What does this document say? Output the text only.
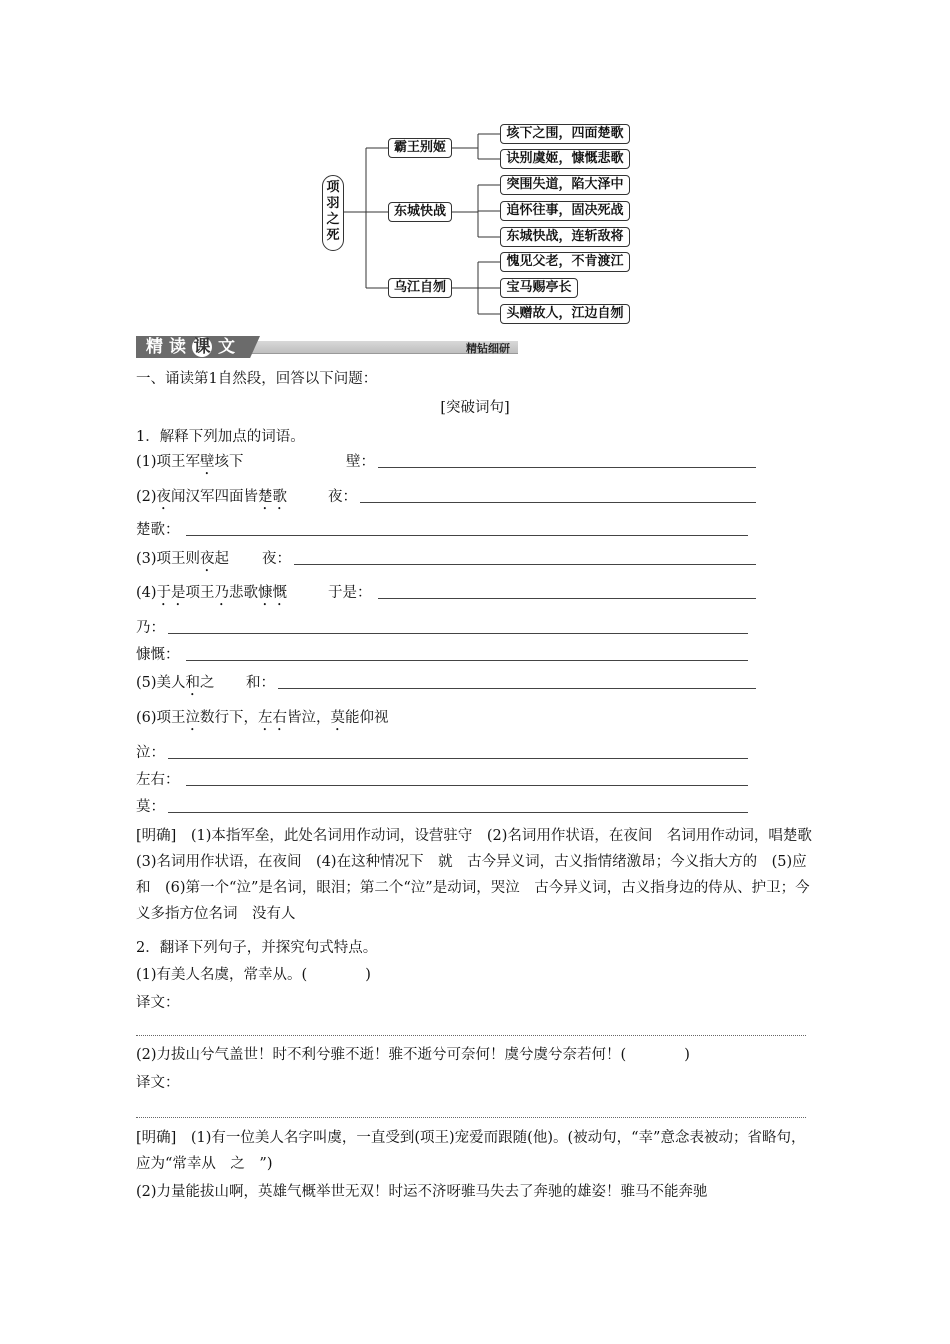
项
羽
之
死
霸王别姬
东城快战
乌江自刎
垓下之围，四面楚歌
诀别虞姬，慷慨悲歌
突围失道，陷大泽中
追怀往事，固决死战
东城快战，连斩敌将
愧见父老，不肯渡江
宝马赐亭长
头赠故人，江边自刎
精读课 文	精钻细研
一、诵读第1自然段，回答以下问题：
[突破词句]
1．解释下列加点的词语。
(1)项王军壁垓下	壁：
(2)夜闻汉军四面皆楚歌	夜：
楚歌：
(3)项王则夜起 夜：
(4)于是项王乃悲歌慷慨	于是：
乃：
慷慨：
(5)美人和之 和：
(6)项王泣数行下，左右皆泣，莫能仰视
泣：
左右：
莫：
[明确]　(1)本指军垒，此处名词用作动词，设营驻守　(2)名词用作状语，在夜间　名词用作动词，唱楚歌　(3)名词用作状语，在夜间　(4)在这种情况下　就　古今异义词，古义指情绪激昂；今义指大方的　(5)应和　(6)第一个“泣”是名词，眼泪；第二个“泣”是动词，哭泣　古今异义词，古义指身边的侍从、护卫；今义多指方位名词　没有人
2．翻译下列句子，并探究句式特点。
(1)有美人名虞，常幸从。(　　　　)
译文：
(2)力拔山兮气盖世！时不利兮骓不逝！骓不逝兮可奈何！虞兮虞兮奈若何！(　　　　)
译文：
[明确]　(1)有一位美人名字叫虞，一直受到(项王)宠爱而跟随(他)。(被动句，“幸”意念表被动；省略句，应为“常幸从　之　”)
(2)力量能拔山啊，英雄气概举世无双！时运不济呀骓马失去了奔驰的雄姿！骓马不能奔驰
